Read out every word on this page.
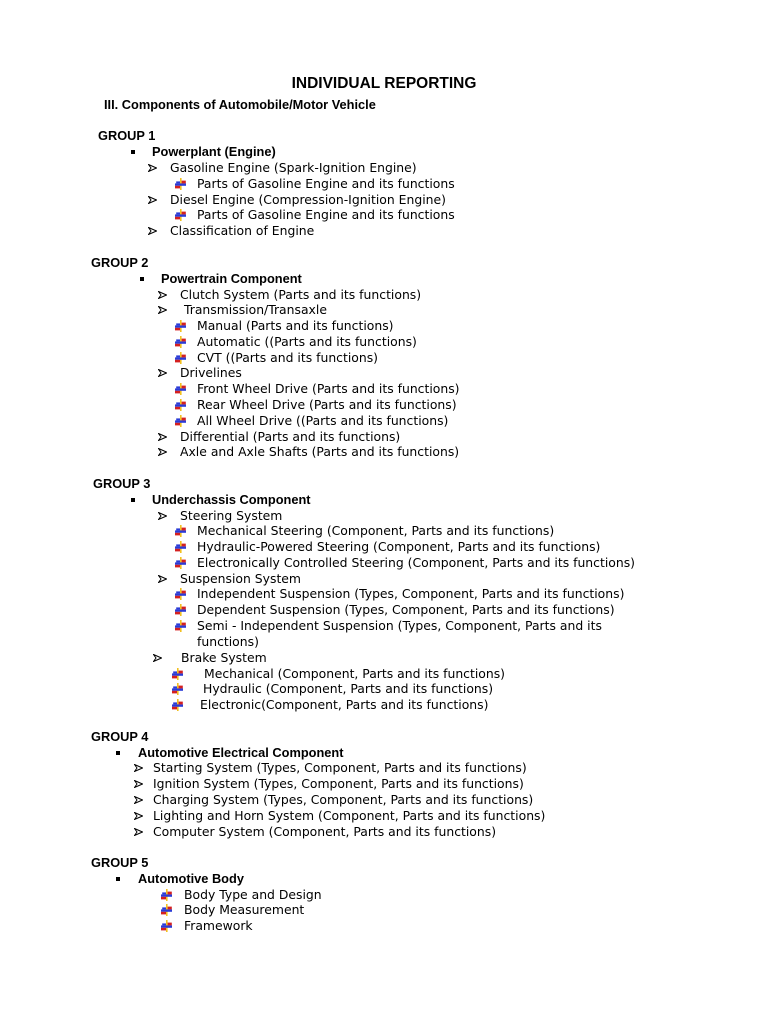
INDIVIDUAL REPORTING
III. Components of Automobile/Motor Vehicle
GROUP 1
Powerplant (Engine)
Gasoline Engine (Spark-Ignition Engine)
Parts of Gasoline Engine and its functions
Diesel Engine (Compression-Ignition Engine)
Parts of Gasoline Engine and its functions
Classification of Engine
GROUP 2
Powertrain Component
Clutch System (Parts and its functions)
Transmission/Transaxle
Manual (Parts and its functions)
Automatic ((Parts and its functions)
CVT ((Parts and its functions)
Drivelines
Front Wheel Drive (Parts and its functions)
Rear Wheel Drive (Parts and its functions)
All Wheel Drive ((Parts and its functions)
Differential (Parts and its functions)
Axle and Axle Shafts (Parts and its functions)
GROUP 3
Underchassis Component
Steering System
Mechanical Steering (Component, Parts and its functions)
Hydraulic-Powered Steering (Component, Parts and its functions)
Electronically Controlled Steering (Component, Parts and its functions)
Suspension System
Independent Suspension (Types, Component, Parts and its functions)
Dependent Suspension (Types, Component, Parts and its functions)
Semi - Independent Suspension (Types, Component, Parts and its
functions)
Brake System
Mechanical (Component, Parts and its functions)
Hydraulic (Component, Parts and its functions)
Electronic(Component, Parts and its functions)
GROUP 4
Automotive Electrical Component
Starting System (Types, Component, Parts and its functions)
Ignition System (Types, Component, Parts and its functions)
Charging System (Types, Component, Parts and its functions)
Lighting and Horn System (Component, Parts and its functions)
Computer System (Component, Parts and its functions)
GROUP 5
Automotive Body
Body Type and Design
Body Measurement
Framework
